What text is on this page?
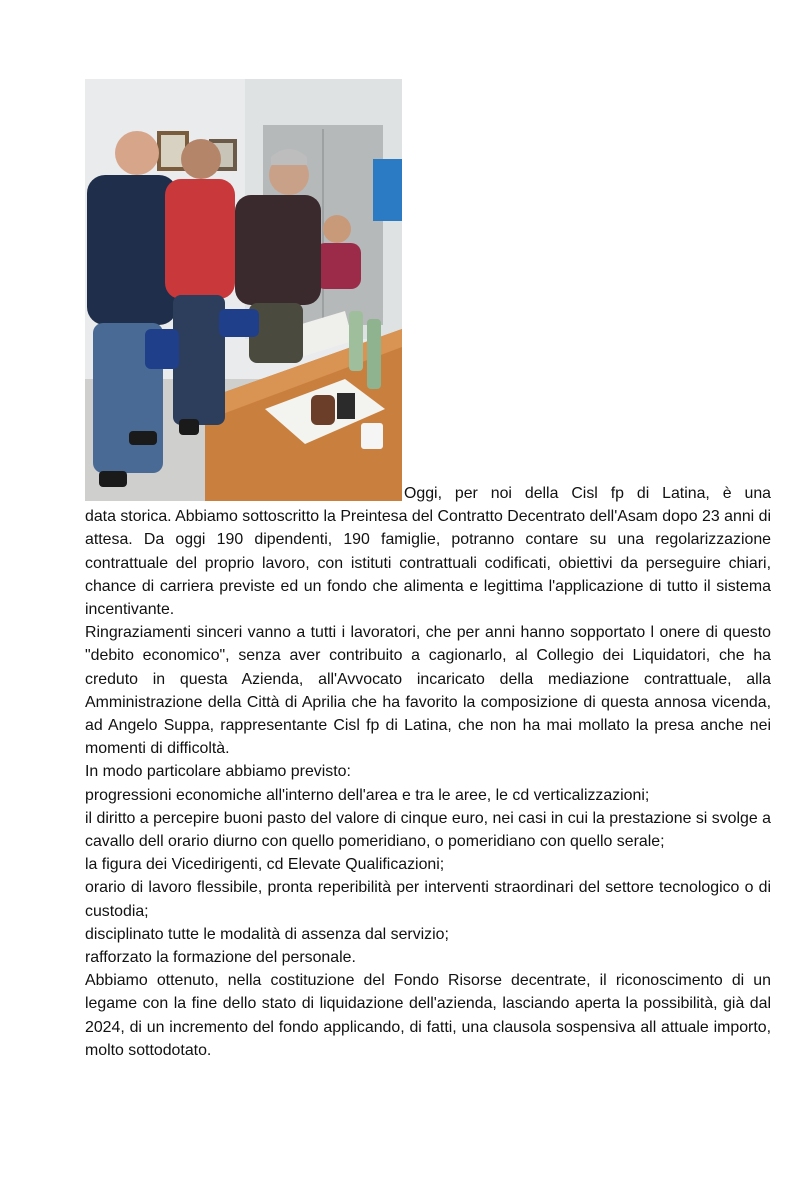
Oggi, per noi della Cisl fp di Latina, è una
data storica. Abbiamo sottoscritto la Preintesa del Contratto Decentrato dell'Asam dopo 23 anni di attesa. Da oggi 190 dipendenti, 190 famiglie, potranno contare su una regolarizzazione contrattuale del proprio lavoro, con istituti contrattuali codificati, obiettivi da perseguire chiari, chance di carriera previste ed un fondo che alimenta e legittima l'applicazione di tutto il sistema incentivante.
Ringraziamenti sinceri vanno a tutti i lavoratori, che per anni hanno sopportato l onere di questo "debito economico", senza aver contribuito a cagionarlo, al Collegio dei Liquidatori, che ha creduto in questa Azienda, all'Avvocato incaricato della mediazione contrattuale, alla Amministrazione della Città di Aprilia che ha favorito la composizione di questa annosa vicenda, ad Angelo Suppa, rappresentante Cisl fp di Latina, che non ha mai mollato la presa anche nei momenti di difficoltà.
In modo particolare abbiamo previsto:
progressioni economiche all'interno dell'area e tra le aree, le cd verticalizzazioni;
il diritto a percepire buoni pasto del valore di cinque euro, nei casi in cui la prestazione si svolge a cavallo dell orario diurno con quello pomeridiano, o pomeridiano con quello serale;
la figura dei Vicedirigenti, cd Elevate Qualificazioni;
orario di lavoro flessibile, pronta reperibilità per interventi straordinari del settore tecnologico o di custodia;
disciplinato tutte le modalità di assenza dal servizio;
rafforzato la formazione del personale.
Abbiamo ottenuto, nella costituzione del Fondo Risorse decentrate, il riconoscimento di un legame con la fine dello stato di liquidazione dell'azienda, lasciando aperta la possibilità, già dal 2024, di un incremento del fondo applicando, di fatti, una clausola sospensiva all attuale importo, molto sottodotato.
